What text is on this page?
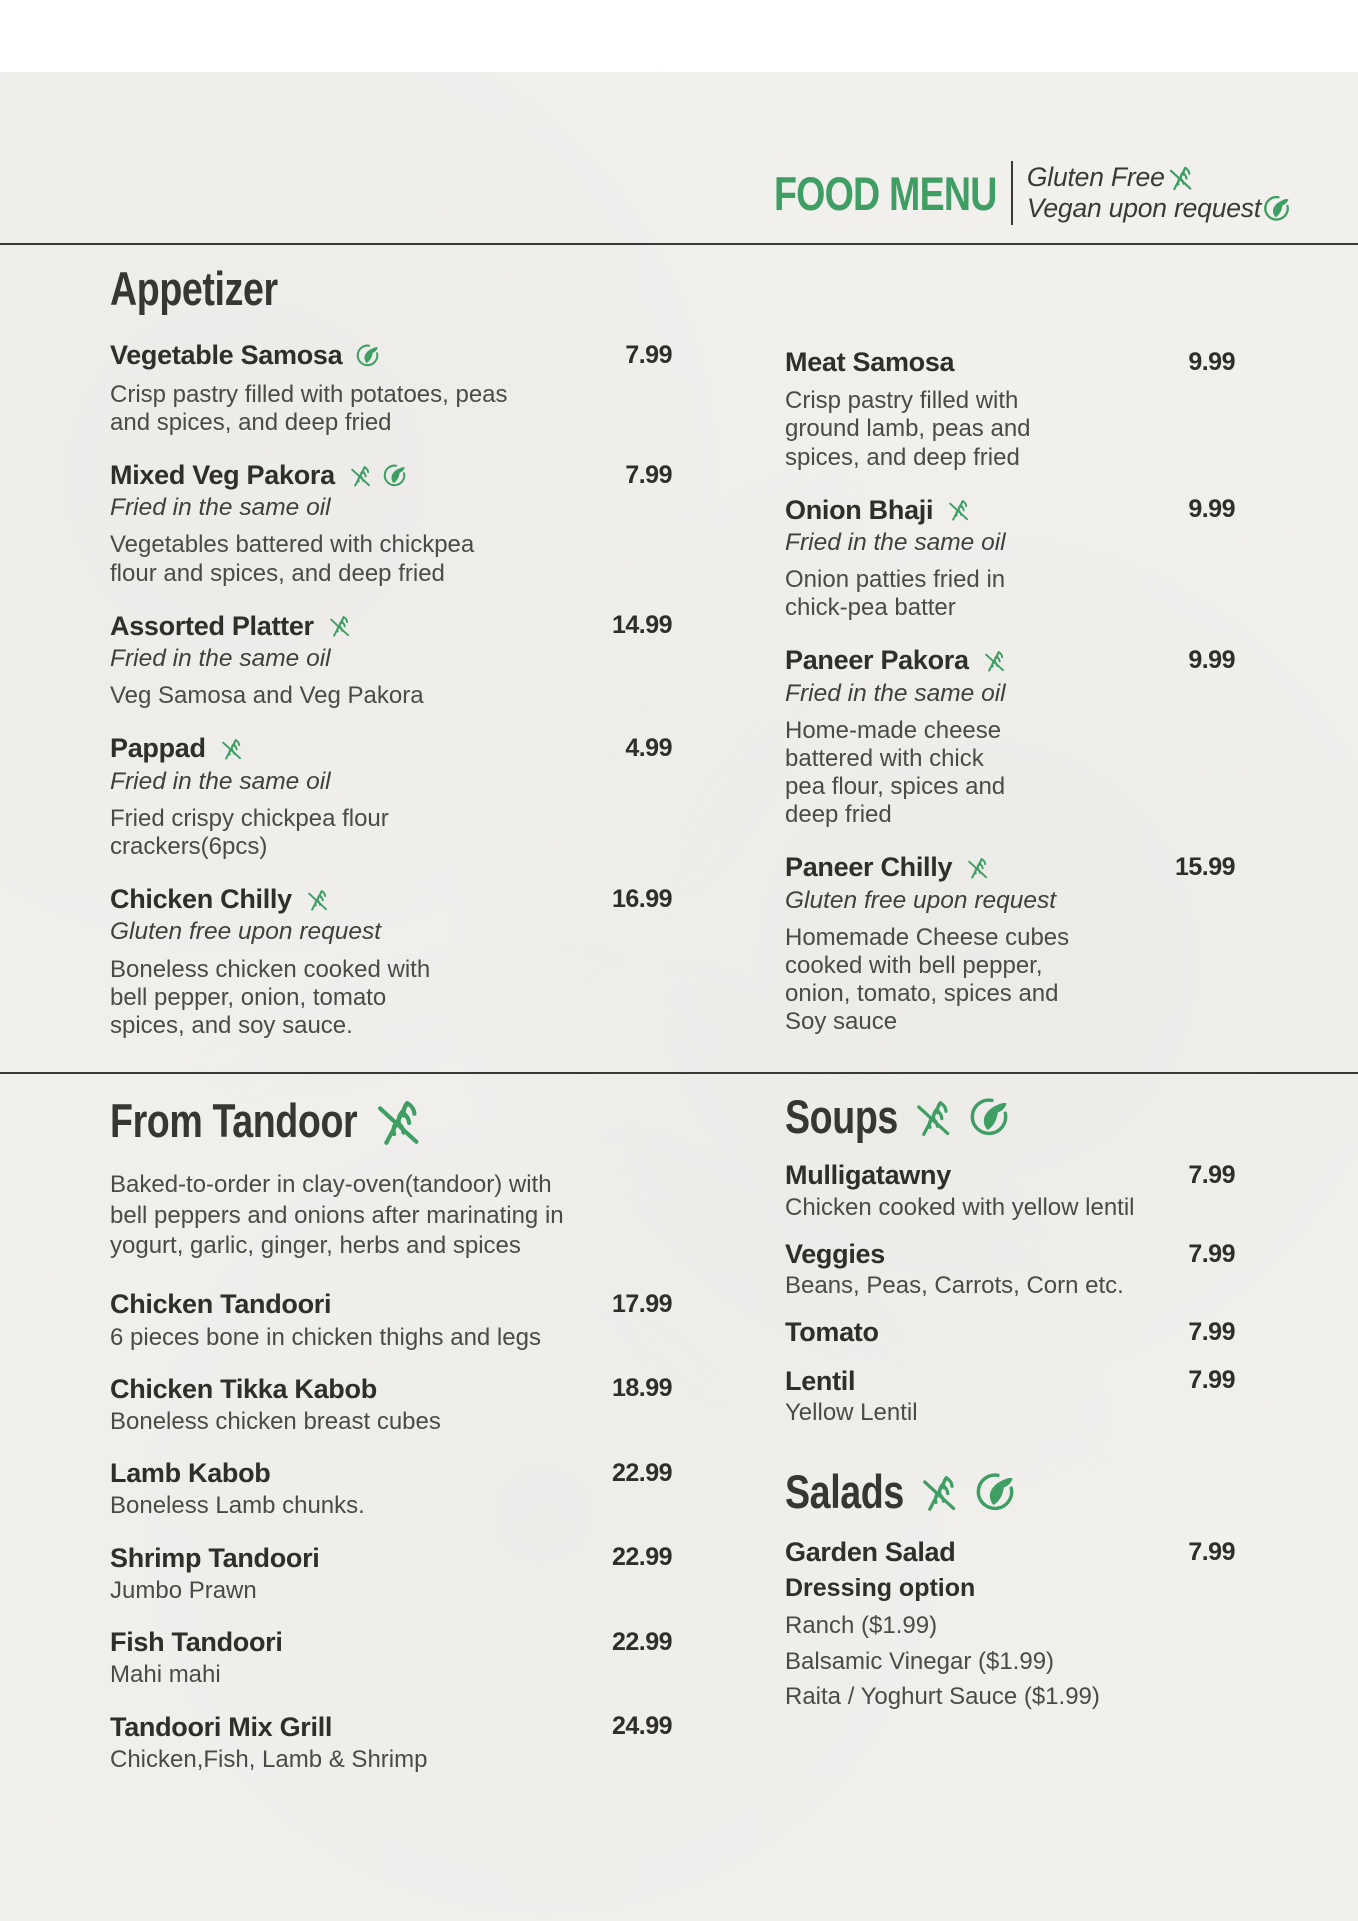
FOOD MENU Gluten Free
Vegan upon request
Appetizer
Vegetable Samosa	7.99
Crisp pastry filled with potatoes, peas
and spices, and deep fried
Mixed Veg Pakora	7.99
Fried in the same oil
Vegetables battered with chickpea
flour and spices, and deep fried
Assorted Platter	14.99
Fried in the same oil
Veg Samosa and Veg Pakora
Pappad	4.99
Fried in the same oil
Fried crispy chickpea flour
crackers(6pcs)
Chicken Chilly	16.99
Gluten free upon request
Boneless chicken cooked with
bell pepper, onion, tomato
spices, and soy sauce.
Meat Samosa	9.99
Crisp pastry filled with
ground lamb, peas and
spices, and deep fried
Onion Bhaji	9.99
Fried in the same oil
Onion patties fried in
chick-pea batter
Paneer Pakora	9.99
Fried in the same oil
Home-made cheese
battered with chick
pea flour, spices and
deep fried
Paneer Chilly	15.99
Gluten free upon request
Homemade Cheese cubes
cooked with bell pepper,
onion, tomato, spices and
Soy sauce
From Tandoor
Baked-to-order in clay-oven(tandoor) with
bell peppers and onions after marinating in
yogurt, garlic, ginger, herbs and spices
Chicken Tandoori	17.99
6 pieces bone in chicken thighs and legs
Chicken Tikka Kabob	18.99
Boneless chicken breast cubes
Lamb Kabob	22.99
Boneless Lamb chunks.
Shrimp Tandoori	22.99
Jumbo Prawn
Fish Tandoori	22.99
Mahi mahi
Tandoori Mix Grill	24.99
Chicken,Fish, Lamb & Shrimp
Soups
Mulligatawny	7.99
Chicken cooked with yellow lentil
Veggies	7.99
Beans, Peas, Carrots, Corn etc.
Tomato	7.99
Lentil	7.99
Yellow Lentil
Salads
Garden Salad	7.99
Dressing option
Ranch ($1.99)
Balsamic Vinegar ($1.99)
Raita / Yoghurt Sauce ($1.99)
